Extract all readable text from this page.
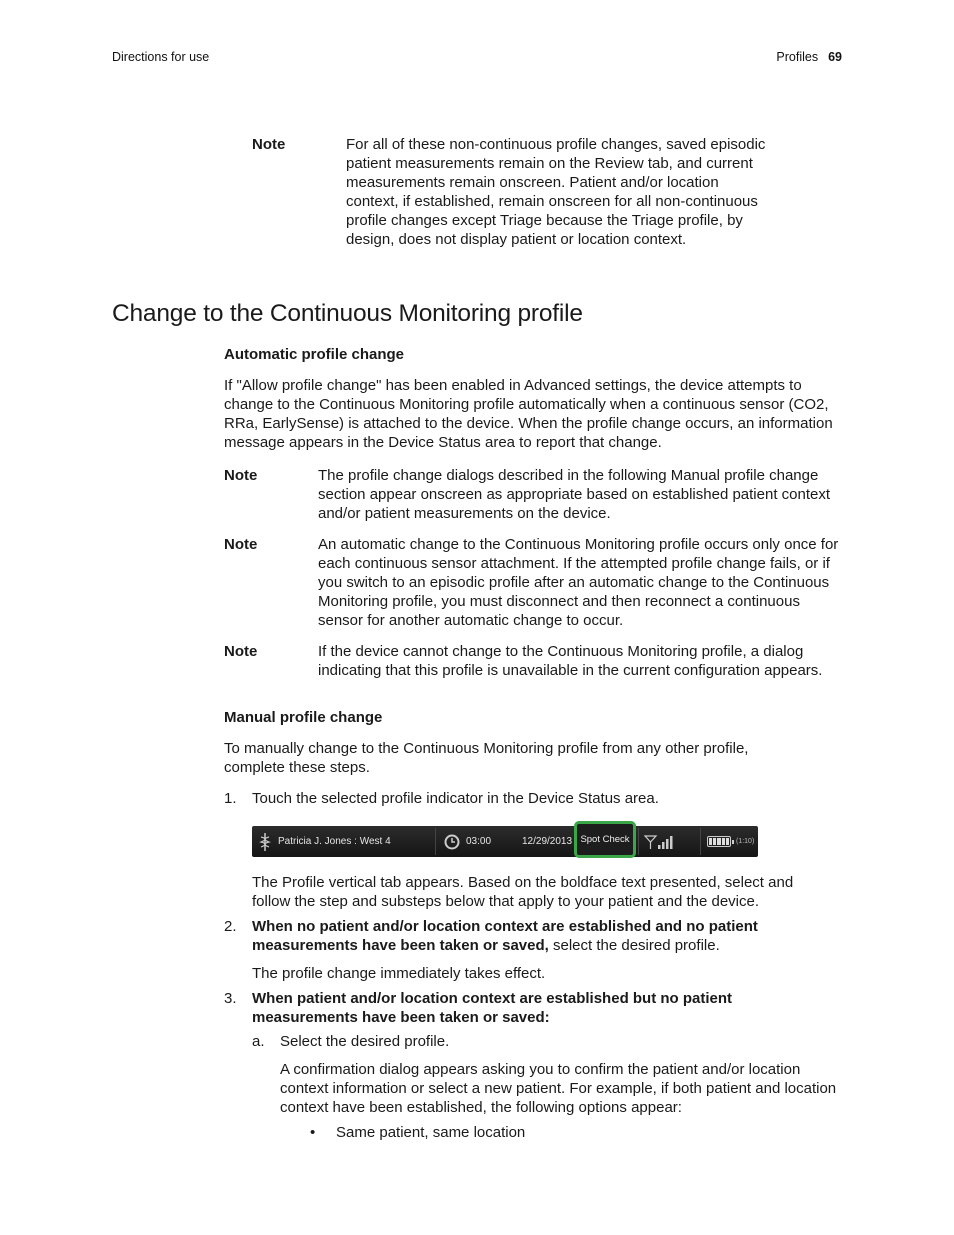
Directions for use	Profiles 69
Note	For all of these non-continuous profile changes, saved episodic patient measurements remain on the Review tab, and current measurements remain onscreen. Patient and/or location context, if established, remain onscreen for all non-continuous profile changes except Triage because the Triage profile, by design, does not display patient or location context.

Change to the Continuous Monitoring profile
Automatic profile change

If "Allow profile change" has been enabled in Advanced settings, the device attempts to change to the Continuous Monitoring profile automatically when a continuous sensor (CO2, RRa, EarlySense) is attached to the device. When the profile change occurs, an information message appears in the Device Status area to report that change.

Note	The profile change dialogs described in the following Manual profile change section appear onscreen as appropriate based on established patient context and/or patient measurements on the device.

Note	An automatic change to the Continuous Monitoring profile occurs only once for each continuous sensor attachment. If the attempted profile change fails, or if you switch to an episodic profile after an automatic change to the Continuous Monitoring profile, you must disconnect and then reconnect a continuous sensor for another automatic change to occur.

Note	If the device cannot change to the Continuous Monitoring profile, a dialog indicating that this profile is unavailable in the current configuration appears.

Manual profile change

To manually change to the Continuous Monitoring profile from any other profile, complete these steps.

1. Touch the selected profile indicator in the Device Status area.

Patricia J. Jones : West 4	03:00	12/29/2013 Spot Check	(1:10)

The Profile vertical tab appears. Based on the boldface text presented, select and follow the step and substeps below that apply to your patient and the device.

2. When no patient and/or location context are established and no patient measurements have been taken or saved, select the desired profile.

The profile change immediately takes effect.

3. When patient and/or location context are established but no patient measurements have been taken or saved:

a. Select the desired profile.

A confirmation dialog appears asking you to confirm the patient and/or location context information or select a new patient. For example, if both patient and location context have been established, the following options appear:

• Same patient, same location
